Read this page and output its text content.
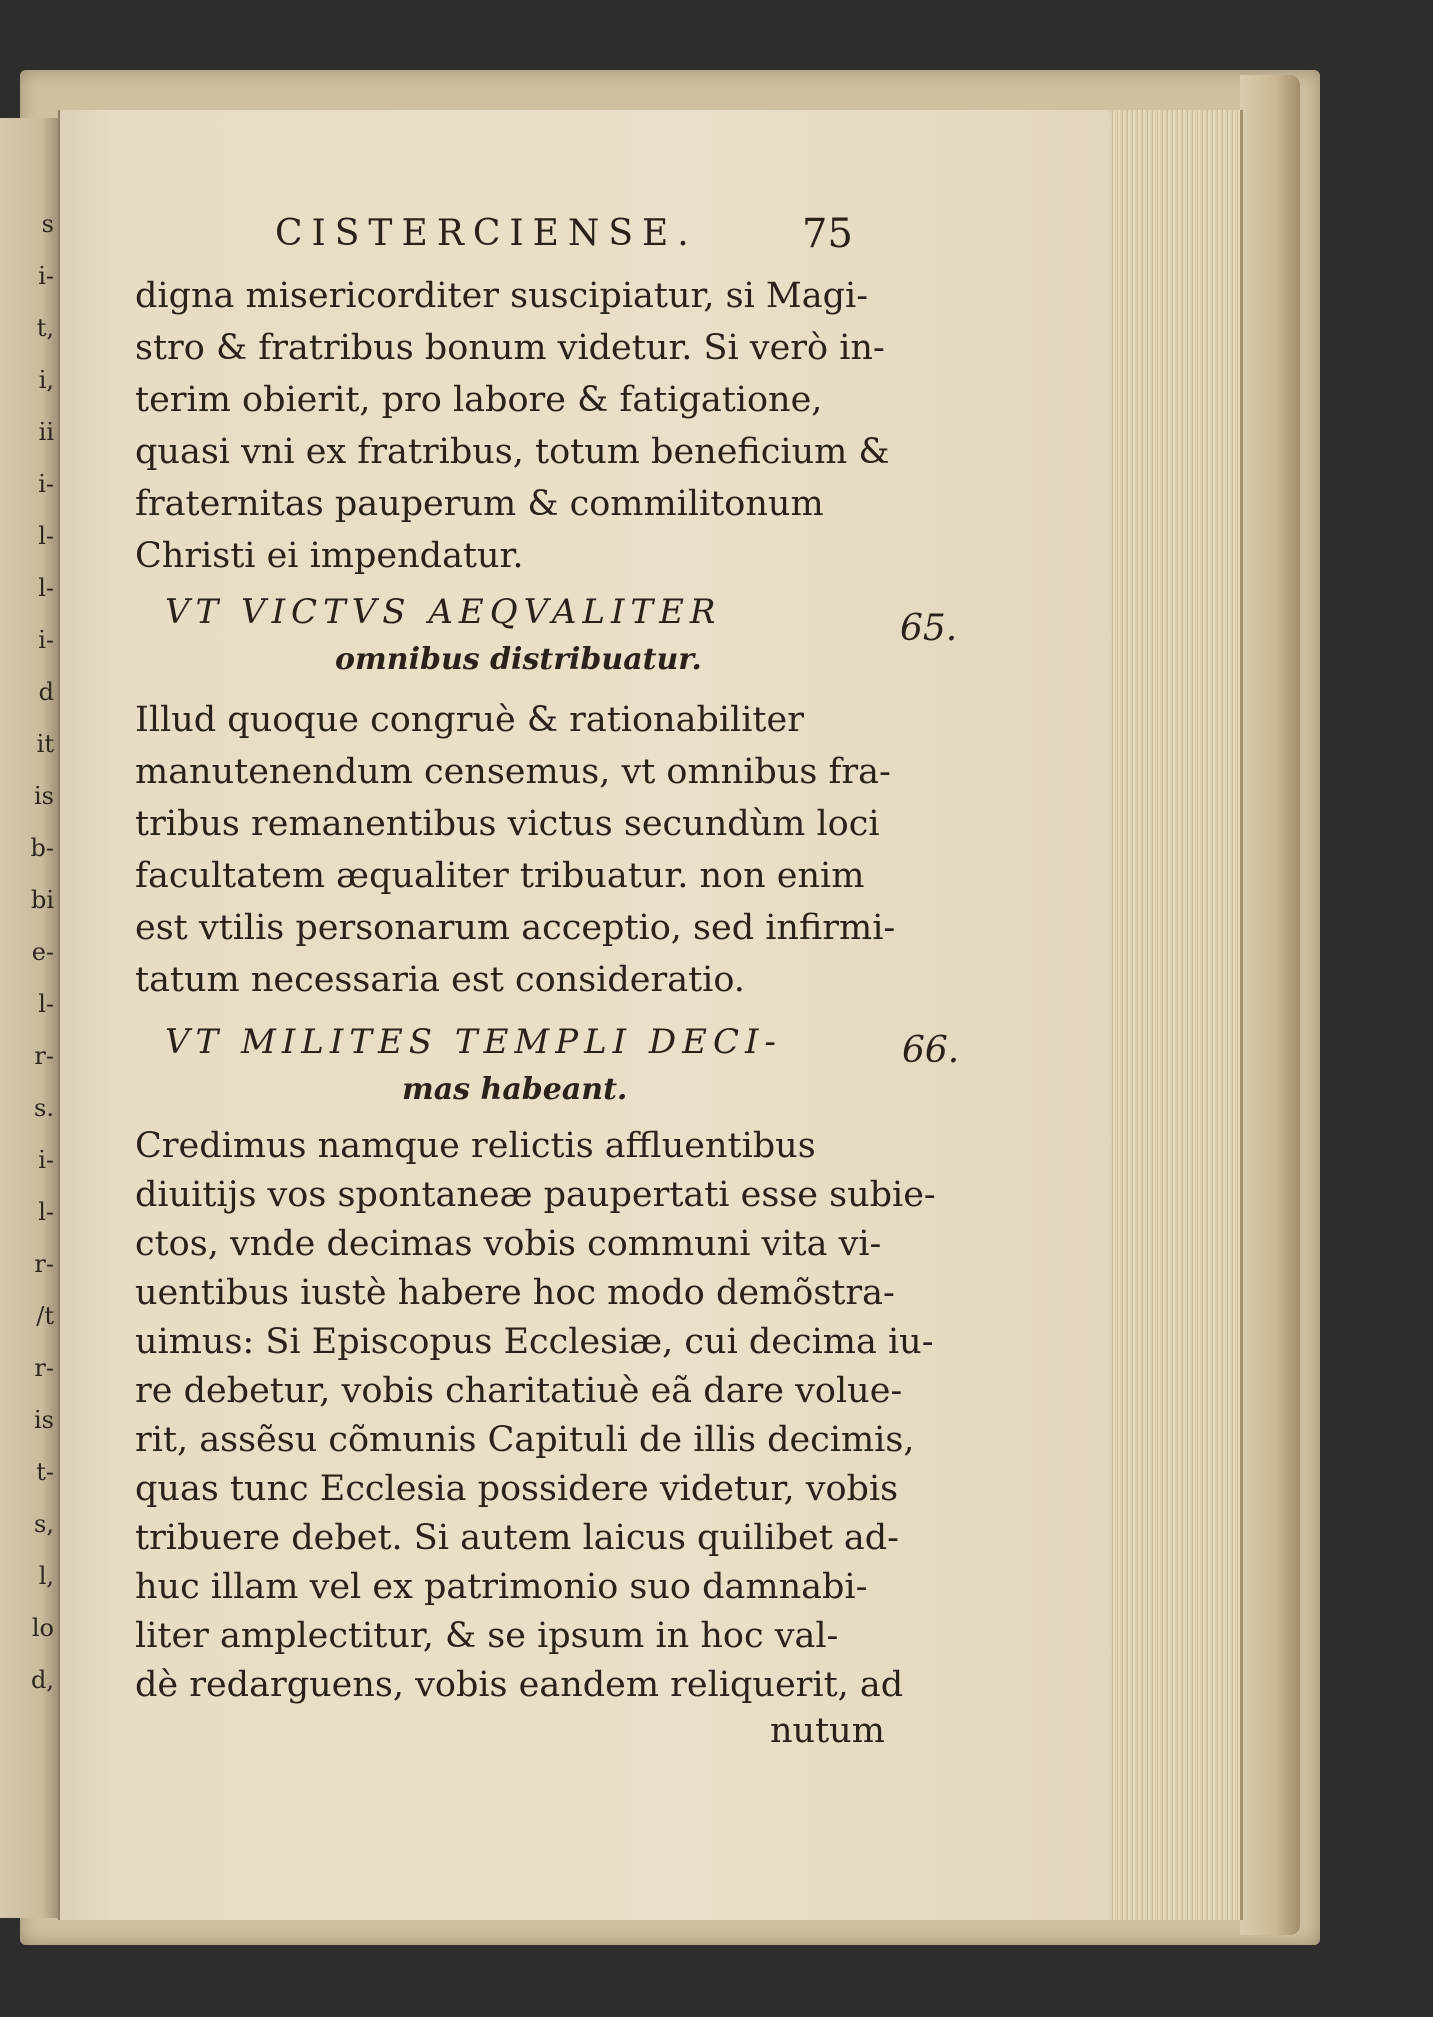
s
i-
t,
i,
ii
i-
l-
l-
i-
d
it
is
b-
bi
e-
l-
r-
s.
i-
l-
r-
/t
r-
is
t-
s,
l,
lo
d,
CISTERCIENSE.	75
digna misericorditer suscipiatur, si Magi-
stro & fratribus bonum videtur. Si verò in-
terim obierit, pro labore & fatigatione,
quasi vni ex fratribus, totum beneficium &
fraternitas pauperum & commilitonum
Christi ei impendatur.
VT VICTVS AEQVALITER
omnibus distribuatur.
65.
Illud quoque congruè & rationabiliter
manutenendum censemus, vt omnibus fra-
tribus remanentibus victus secundùm loci
facultatem æqualiter tribuatur. non enim
est vtilis personarum acceptio, sed infirmi-
tatum necessaria est consideratio.
VT MILITES TEMPLI DECI-
mas habeant.
66.
Credimus namque relictis affluentibus
diuitijs vos spontaneæ paupertati esse subie-
ctos, vnde decimas vobis communi vita vi-
uentibus iustè habere hoc modo demõstra-
uimus: Si Episcopus Ecclesiæ, cui decima iu-
re debetur, vobis charitatiuè eã dare volue-
rit, assẽsu cõmunis Capituli de illis decimis,
quas tunc Ecclesia possidere videtur, vobis
tribuere debet. Si autem laicus quilibet ad-
huc illam vel ex patrimonio suo damnabi-
liter amplectitur, & se ipsum in hoc val-
dè redarguens, vobis eandem reliquerit, ad
nutum
